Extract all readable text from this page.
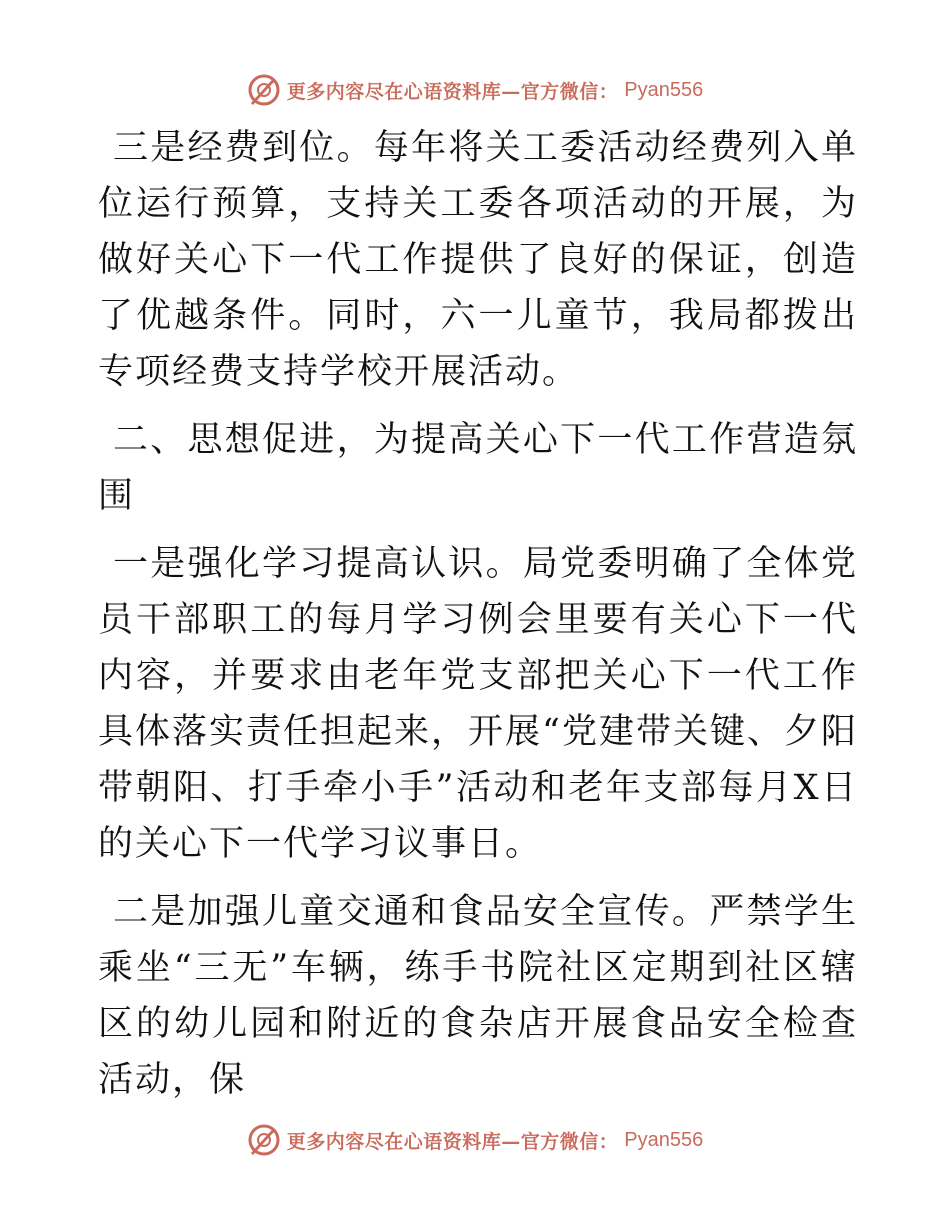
更多内容尽在心语资料库—官方微信： Pyan556

三是经费到位。每年将关工委活动经费列入单位运行预算，支持关工委各项活动的开展，为做好关心下一代工作提供了良好的保证，创造了优越条件。同时，六一儿童节，我局都拨出专项经费支持学校开展活动。

二、思想促进，为提高关心下一代工作营造氛围

一是强化学习提高认识。局党委明确了全体党员干部职工的每月学习例会里要有关心下一代内容，并要求由老年党支部把关心下一代工作具体落实责任担起来，开展“党建带关键、夕阳带朝阳、打手牵小手”活动和老年支部每月X日的关心下一代学习议事日。

二是加强儿童交通和食品安全宣传。严禁学生乘坐“三无”车辆，练手书院社区定期到社区辖区的幼儿园和附近的食杂店开展食品安全检查活动，保

更多内容尽在心语资料库—官方微信： Pyan556
